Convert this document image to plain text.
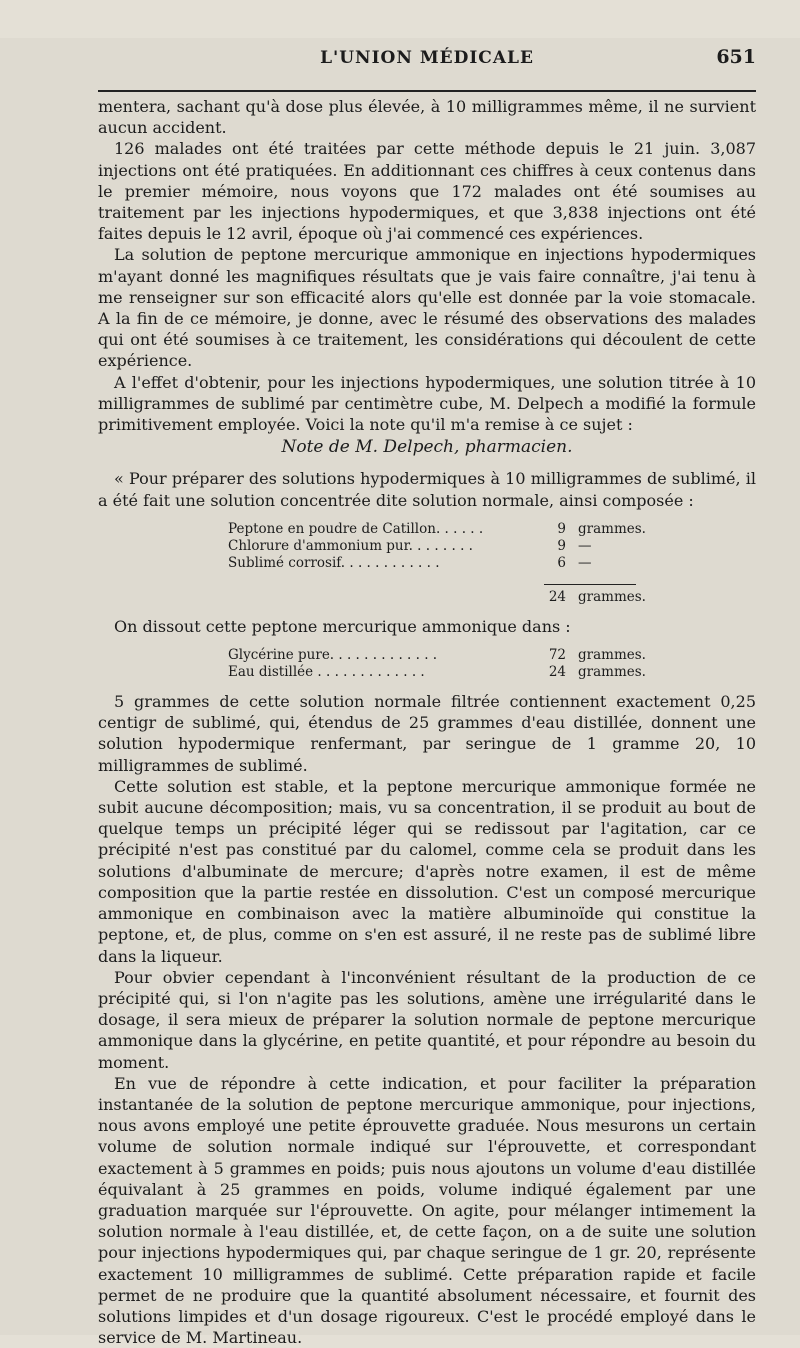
L'UNION MÉDICALE	651

mentera, sachant qu'à dose plus élevée, à 10 milligrammes même, il ne survient aucun accident.

126 malades ont été traitées par cette méthode depuis le 21 juin. 3,087 injections ont été pratiquées. En additionnant ces chiffres à ceux contenus dans le premier mémoire, nous voyons que 172 malades ont été soumises au traitement par les injections hypodermiques, et que 3,838 injections ont été faites depuis le 12 avril, époque où j'ai commencé ces expériences.

La solution de peptone mercurique ammonique en injections hypodermiques m'ayant donné les magnifiques résultats que je vais faire connaître, j'ai tenu à me renseigner sur son efficacité alors qu'elle est donnée par la voie stomacale. A la fin de ce mémoire, je donne, avec le résumé des observations des malades qui ont été soumises à ce traitement, les considérations qui découlent de cette expérience.

A l'effet d'obtenir, pour les injections hypodermiques, une solution titrée à 10 milligrammes de sublimé par centimètre cube, M. Delpech a modifié la formule primitivement employée. Voici la note qu'il m'a remise à ce sujet :

Note de M. Delpech, pharmacien.

« Pour préparer des solutions hypodermiques à 10 milligrammes de sublimé, il a été fait une solution concentrée dite solution normale, ainsi composée :

Peptone en poudre de Catillon. . . . . .	9 grammes.
Chlorure d'ammonium pur. . . . . . . .	9 —
Sublimé corrosif. . . . . . . . . . . .	6 —
24 grammes.

On dissout cette peptone mercurique ammonique dans :

Glycérine pure. . . . . . . . . . . . .	72 grammes.
Eau distillée . . . . . . . . . . . . .	24 grammes.

5 grammes de cette solution normale filtrée contiennent exactement 0,25 centigr de sublimé, qui, étendus de 25 grammes d'eau distillée, donnent une solution hypodermique renfermant, par seringue de 1 gramme 20, 10 milligrammes de sublimé.

Cette solution est stable, et la peptone mercurique ammonique formée ne subit aucune décomposition; mais, vu sa concentration, il se produit au bout de quelque temps un précipité léger qui se redissout par l'agitation, car ce précipité n'est pas constitué par du calomel, comme cela se produit dans les solutions d'albuminate de mercure; d'après notre examen, il est de même composition que la partie restée en dissolution. C'est un composé mercurique ammonique en combinaison avec la matière albuminoïde qui constitue la peptone, et, de plus, comme on s'en est assuré, il ne reste pas de sublimé libre dans la liqueur.

Pour obvier cependant à l'inconvénient résultant de la production de ce précipité qui, si l'on n'agite pas les solutions, amène une irrégularité dans le dosage, il sera mieux de préparer la solution normale de peptone mercurique ammonique dans la glycérine, en petite quantité, et pour répondre au besoin du moment.

En vue de répondre à cette indication, et pour faciliter la préparation instantanée de la solution de peptone mercurique ammonique, pour injections, nous avons employé une petite éprouvette graduée. Nous mesurons un certain volume de solution normale indiqué sur l'éprouvette, et correspondant exactement à 5 grammes en poids; puis nous ajoutons un volume d'eau distillée équivalant à 25 grammes en poids, volume indiqué également par une graduation marquée sur l'éprouvette. On agite, pour mélanger intimement la solution normale à l'eau distillée, et, de cette façon, on a de suite une solution pour injections hypodermiques qui, par chaque seringue de 1 gr. 20, représente exactement 10 milligrammes de sublimé. Cette préparation rapide et facile permet de ne produire que la quantité absolument nécessaire, et fournit des solutions limpides et d'un dosage rigoureux. C'est le procédé employé dans le service de M. Martineau.
